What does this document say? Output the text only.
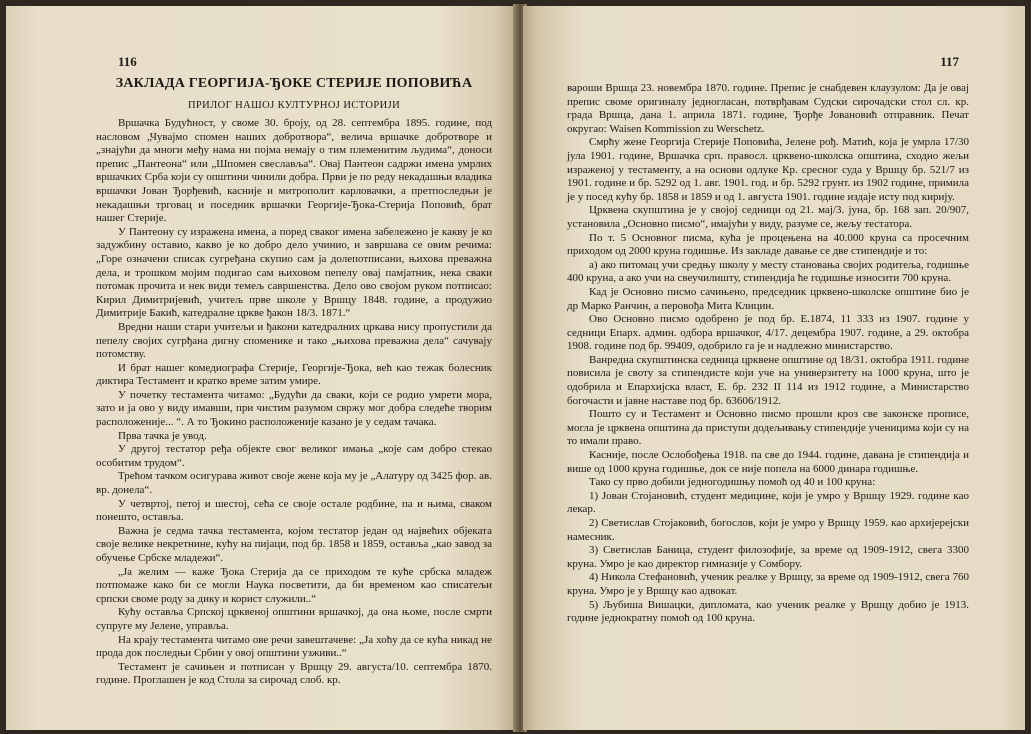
116
ЗАКЛАДА ГЕОРГИЈА-ЂОКЕ СТЕРИЈЕ ПОПОВИЋА
ПРИЛОГ НАШОЈ КУЛТУРНОЈ ИСТОРИЈИ

Вршачка Будућност, у своме 30. броју, од 28. септембра 1895. године, под насловом „Чувајмо спомен наших добротвора“, велича вршачке добротворе и „знајући да многи међу нама ни појма немају о тим племенитим људима“, доноси препис „Пантеона“ или „Шпомен свеславља“. Овај Пантеон садржи имена умрлих вршачких Срба који су општини чинили добра. Први је по реду некадашњи владика вршачки Јован Ђорђевић, касније и митрополит карловачки, а претпоследњи је некадашњи трговац и поседник вршачки Георгије-Ђока-Стерија Поповић, брат нашег Стерије.

У Пантеону су изражена имена, а поред сваког имена забележено је какву је ко задужбину оставио, какво је ко добро дело учинио, и завршава се овим речима: „Горе означени списак сугређана скупио сам ја долепотписани, њихова преважна дела, и трошком мојим подигао сам њиховом пепелу овај памјатник, нека сваки потомак прочита и нек види темељ савршенства. Дело ово својом руком потписао: Кирил Димитријевић, учитељ прве школе у Вршцу 1848. године, а продужио Димитрије Бакић, катедралне цркве ђакон 18/3. 1871.“

Вредни наши стари учитељи и ђакони катедралних цркава нису пропустили да пепелу својих сугрђана дигну споменике и тако „њихова преважна дела“ сачувају потомству.

И брат нашег комедиографа Стерије, Георгије-Ђока, већ као тежак болесник диктира Тестамент и кратко време затим умире.

У почетку тестамента читамо: „Будући да сваки, који се родио умрети мора, зато и ја ово у виду имавши, при чистим разумом свржу мог добра следеће творим расположеније... “. А то Ђокино расположеније казано је у седам тачака.

Прва тачка је увод.

У другој тестатор ређа објекте свог великог имања „које сам добро стекао особитим трудом“.

Трећом тачком осигурава живот своје жене која му је „Алатуру од 3425 фор. ав. вр. донела“.

У четвртој, петој и шестој, сећа се своје остале родбине, па и њима, сваком понешто, оставља.

Важна је седма тачка тестамента, којом тестатор један од највећих објеката своје велике некретнине, кућу на пијаци, под бр. 1858 и 1859, оставља „као завод за обучење Србске младежи“.

„Ја желим — каже Ђока Стерија да се приходом те куће србска младеж потпомаже како би се могли Наука посветити, да би временом као списатељи српски своме роду за дику и корист служили..“

Кућу оставља Српској црквеној општини вршачкој, да она њоме, после смрти супруге му Јелене, управља.

На крају тестамента читамо ове речи завештачеве: „Ја хоћу да се кућа никад не прода док последњи Србин у овој општини узживи..“

Тестамент је сачињен и потписан у Вршцу 29. августа/10. септембра 1870. године. Проглашен је код Стола за сирочад слоб. кр.

117

вароши Вршца 23. новембра 1870. године. Препис је снабдевен клаузулом: Да је овај препис своме оригиналу једногласан, потврђавам Судски сирочадски стол сл. кр. града Вршца, дана 1. априла 1871. године, Ђорђе Јовановић отправник. Печат округао: Waisen Kommission zu Werschetz.

Смрћу жене Георгија Стерије Поповића, Јелене рођ. Матић, која је умрла 17/30 јула 1901. године, Вршачка срп. правосл. црквено-школска општина, сходно жељи израженој у тестаменту, а на основи одлуке Кр. сресног суда у Вршцу бр. 521/7 из 1901. године и бр. 5292 од 1. авг. 1901. год. и бр. 5292 грунт. из 1902 године, примила је у посед кућу бр. 1858 и 1859 и од 1. августа 1901. године издаје исту под кирију.

Црквена скупштина је у својој седници од 21. мај/3. јуна, бр. 168 зап. 20/907, установила „Основно писмо“, имајући у виду, разуме се, жељу тестатора.

По т. 5 Основног писма, кућа је процењена на 40.000 круна са просечним приходом од 2000 круна годишње. Из закладе давање се две стипендије и то:

а) ако питомац учи средњу школу у месту становања својих родитеља, годишње 400 круна, а ако учи на свеучилишту, стипендија ће годишње износити 700 круна.

Кад је Основно писмо сачињено, председник црквено-школске општине био је др Марко Ранчин, а перовођа Мита Клицин.

Ово Основно писмо одобрено је под бр. Е.1874, 11 333 из 1907. године у седници Епарх. админ. одбора вршачког, 4/17. децембра 1907. године, а 29. октобра 1908. године под бр. 99409, одобрило га је и надлежно министарство.

Ванредна скупштинска седница црквене општине од 18/31. октобра 1911. године повисила је своту за стипендисте који уче на универзитету на 1000 круна, што је одобрила и Епархијска власт, Е. бр. 232 II 114 из 1912 године, а Министарство богочасти и јавне наставе под бр. 63606/1912.

Пошто су и Тестамент и Основно писмо прошли кроз све законске прописе, могла је црквена општина да приступи додељивању стипендије ученицима који су на то имали право.

Касније, после Ослобођења 1918. па све до 1944. године, давана је стипендија и више од 1000 круна годишње, док се није попела на 6000 динара годишње.

Тако су прво добили једногодишњу помоћ од 40 и 100 круна:

1) Јован Стојановић, студент медицине, који је умро у Вршцу 1929. године као лекар.

2) Светислав Стојаковић, богослов, који је умро у Вршцу 1959. као архијерејски намесник.

3) Светислав Бaница, студент филозофије, за време од 1909-1912, свега 3300 круна. Умро је као директор гимназије у Сомбору.

4) Никола Стефановић, ученик реалке у Вршцу, за време од 1909-1912, свега 760 круна. Умро је у Вршцу као адвокат.

5) Љубиша Вишацки, дипломата, као ученик реалке у Вршцу добио је 1913. године једнократну помоћ од 100 круна.
